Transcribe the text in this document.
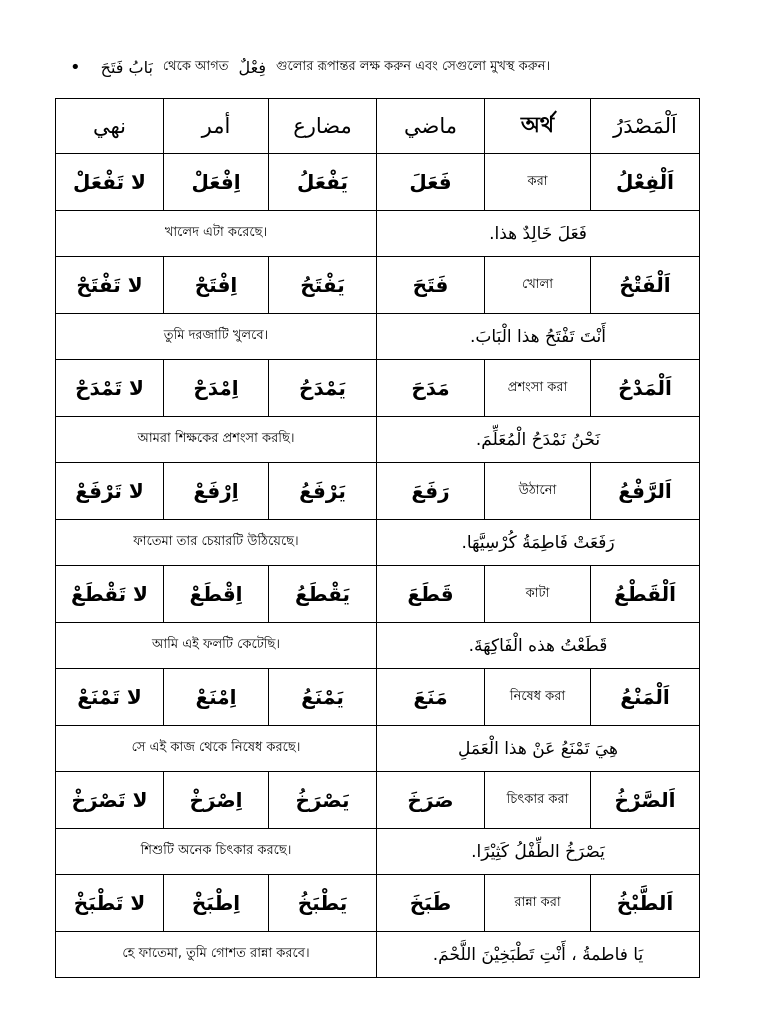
• بَابُ فَتَحَ থেকে আগত فِعْلٌ গুলোর রূপান্তর লক্ষ করুন এবং সেগুলো মুখস্থ করুন।
نهي	أمر	مضارع	ماضي	অর্থ	اَلْمَصْدَرُ
لا تَفْعَلْ	اِفْعَلْ	يَفْعَلُ	فَعَلَ	করা	اَلْفِعْلُ
খালেদ এটা করেছে।			فَعَلَ خَالِدٌ هذا.		
لا تَفْتَحْ	اِفْتَحْ	يَفْتَحُ	فَتَحَ	খোলা	اَلْفَتْحُ
তুমি দরজাটি খুলবে।			أَنْتَ تَفْتَحُ هذا الْبَابَ.		
لا تَمْدَحْ	اِمْدَحْ	يَمْدَحُ	مَدَحَ	প্রশংসা করা	اَلْمَدْحُ
আমরা শিক্ষকের প্রশংসা করছি।			نَحْنُ نَمْدَحُ الْمُعَلِّمَ.		
لا تَرْفَعْ	اِرْفَعْ	يَرْفَعُ	رَفَعَ	উঠানো	اَلرَّفْعُ
ফাতেমা তার চেয়ারটি উঠিয়েছে।			رَفَعَتْ فَاطِمَةُ كُرْسِيَّهَا.		
لا تَقْطَعْ	اِقْطَعْ	يَقْطَعُ	قَطَعَ	কাটা	اَلْقَطْعُ
আমি এই ফলটি কেটেছি।			قَطَعْتُ هذه الْفَاكِهَةَ.		
لا تَمْنَعْ	اِمْنَعْ	يَمْنَعُ	مَنَعَ	নিষেধ করা	اَلْمَنْعُ
সে এই কাজ থেকে নিষেধ করছে।			هِيَ تَمْنَعُ عَنْ هذا الْعَمَلِ		
لا تَصْرَخْ	اِصْرَخْ	يَصْرَخُ	صَرَخَ	চিৎকার করা	اَلصَّرْخُ
শিশুটি অনেক চিৎকার করছে।			يَصْرَخُ الطِّفْلُ كَثِيْرًا.		
لا تَطْبَخْ	اِطْبَخْ	يَطْبَخُ	طَبَخَ	রান্না করা	اَلطَّبْخُ
হে ফাতেমা, তুমি গোশত রান্না করবে।			يَا فاطمةُ ، أَنْتِ تَطْبَخِيْنَ اللَّحْمَ.		
